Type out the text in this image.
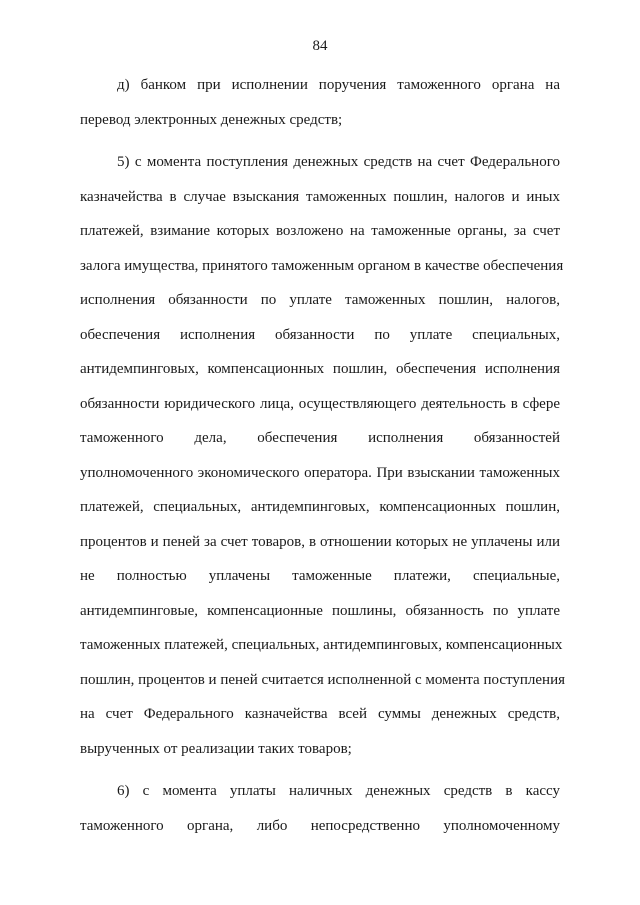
84
д) банком при исполнении поручения таможенного органа на
перевод электронных денежных средств;
5) с момента поступления денежных средств на счет Федерального
казначейства в случае взыскания таможенных пошлин, налогов и иных
платежей, взимание которых возложено на таможенные органы, за счет
залога имущества, принятого таможенным органом в качестве обеспечения
исполнения обязанности по уплате таможенных пошлин, налогов,
обеспечения исполнения обязанности по уплате специальных,
антидемпинговых, компенсационных пошлин, обеспечения исполнения
обязанности юридического лица, осуществляющего деятельность в сфере
таможенного дела, обеспечения исполнения обязанностей
уполномоченного экономического оператора. При взыскании таможенных
платежей, специальных, антидемпинговых, компенсационных пошлин,
процентов и пеней за счет товаров, в отношении которых не уплачены или
не полностью уплачены таможенные платежи, специальные,
антидемпинговые, компенсационные пошлины, обязанность по уплате
таможенных платежей, специальных, антидемпинговых, компенсационных
пошлин, процентов и пеней считается исполненной с момента поступления
на счет Федерального казначейства всей суммы денежных средств,
вырученных от реализации таких товаров;
6) с момента уплаты наличных денежных средств в кассу
таможенного органа, либо непосредственно уполномоченному
